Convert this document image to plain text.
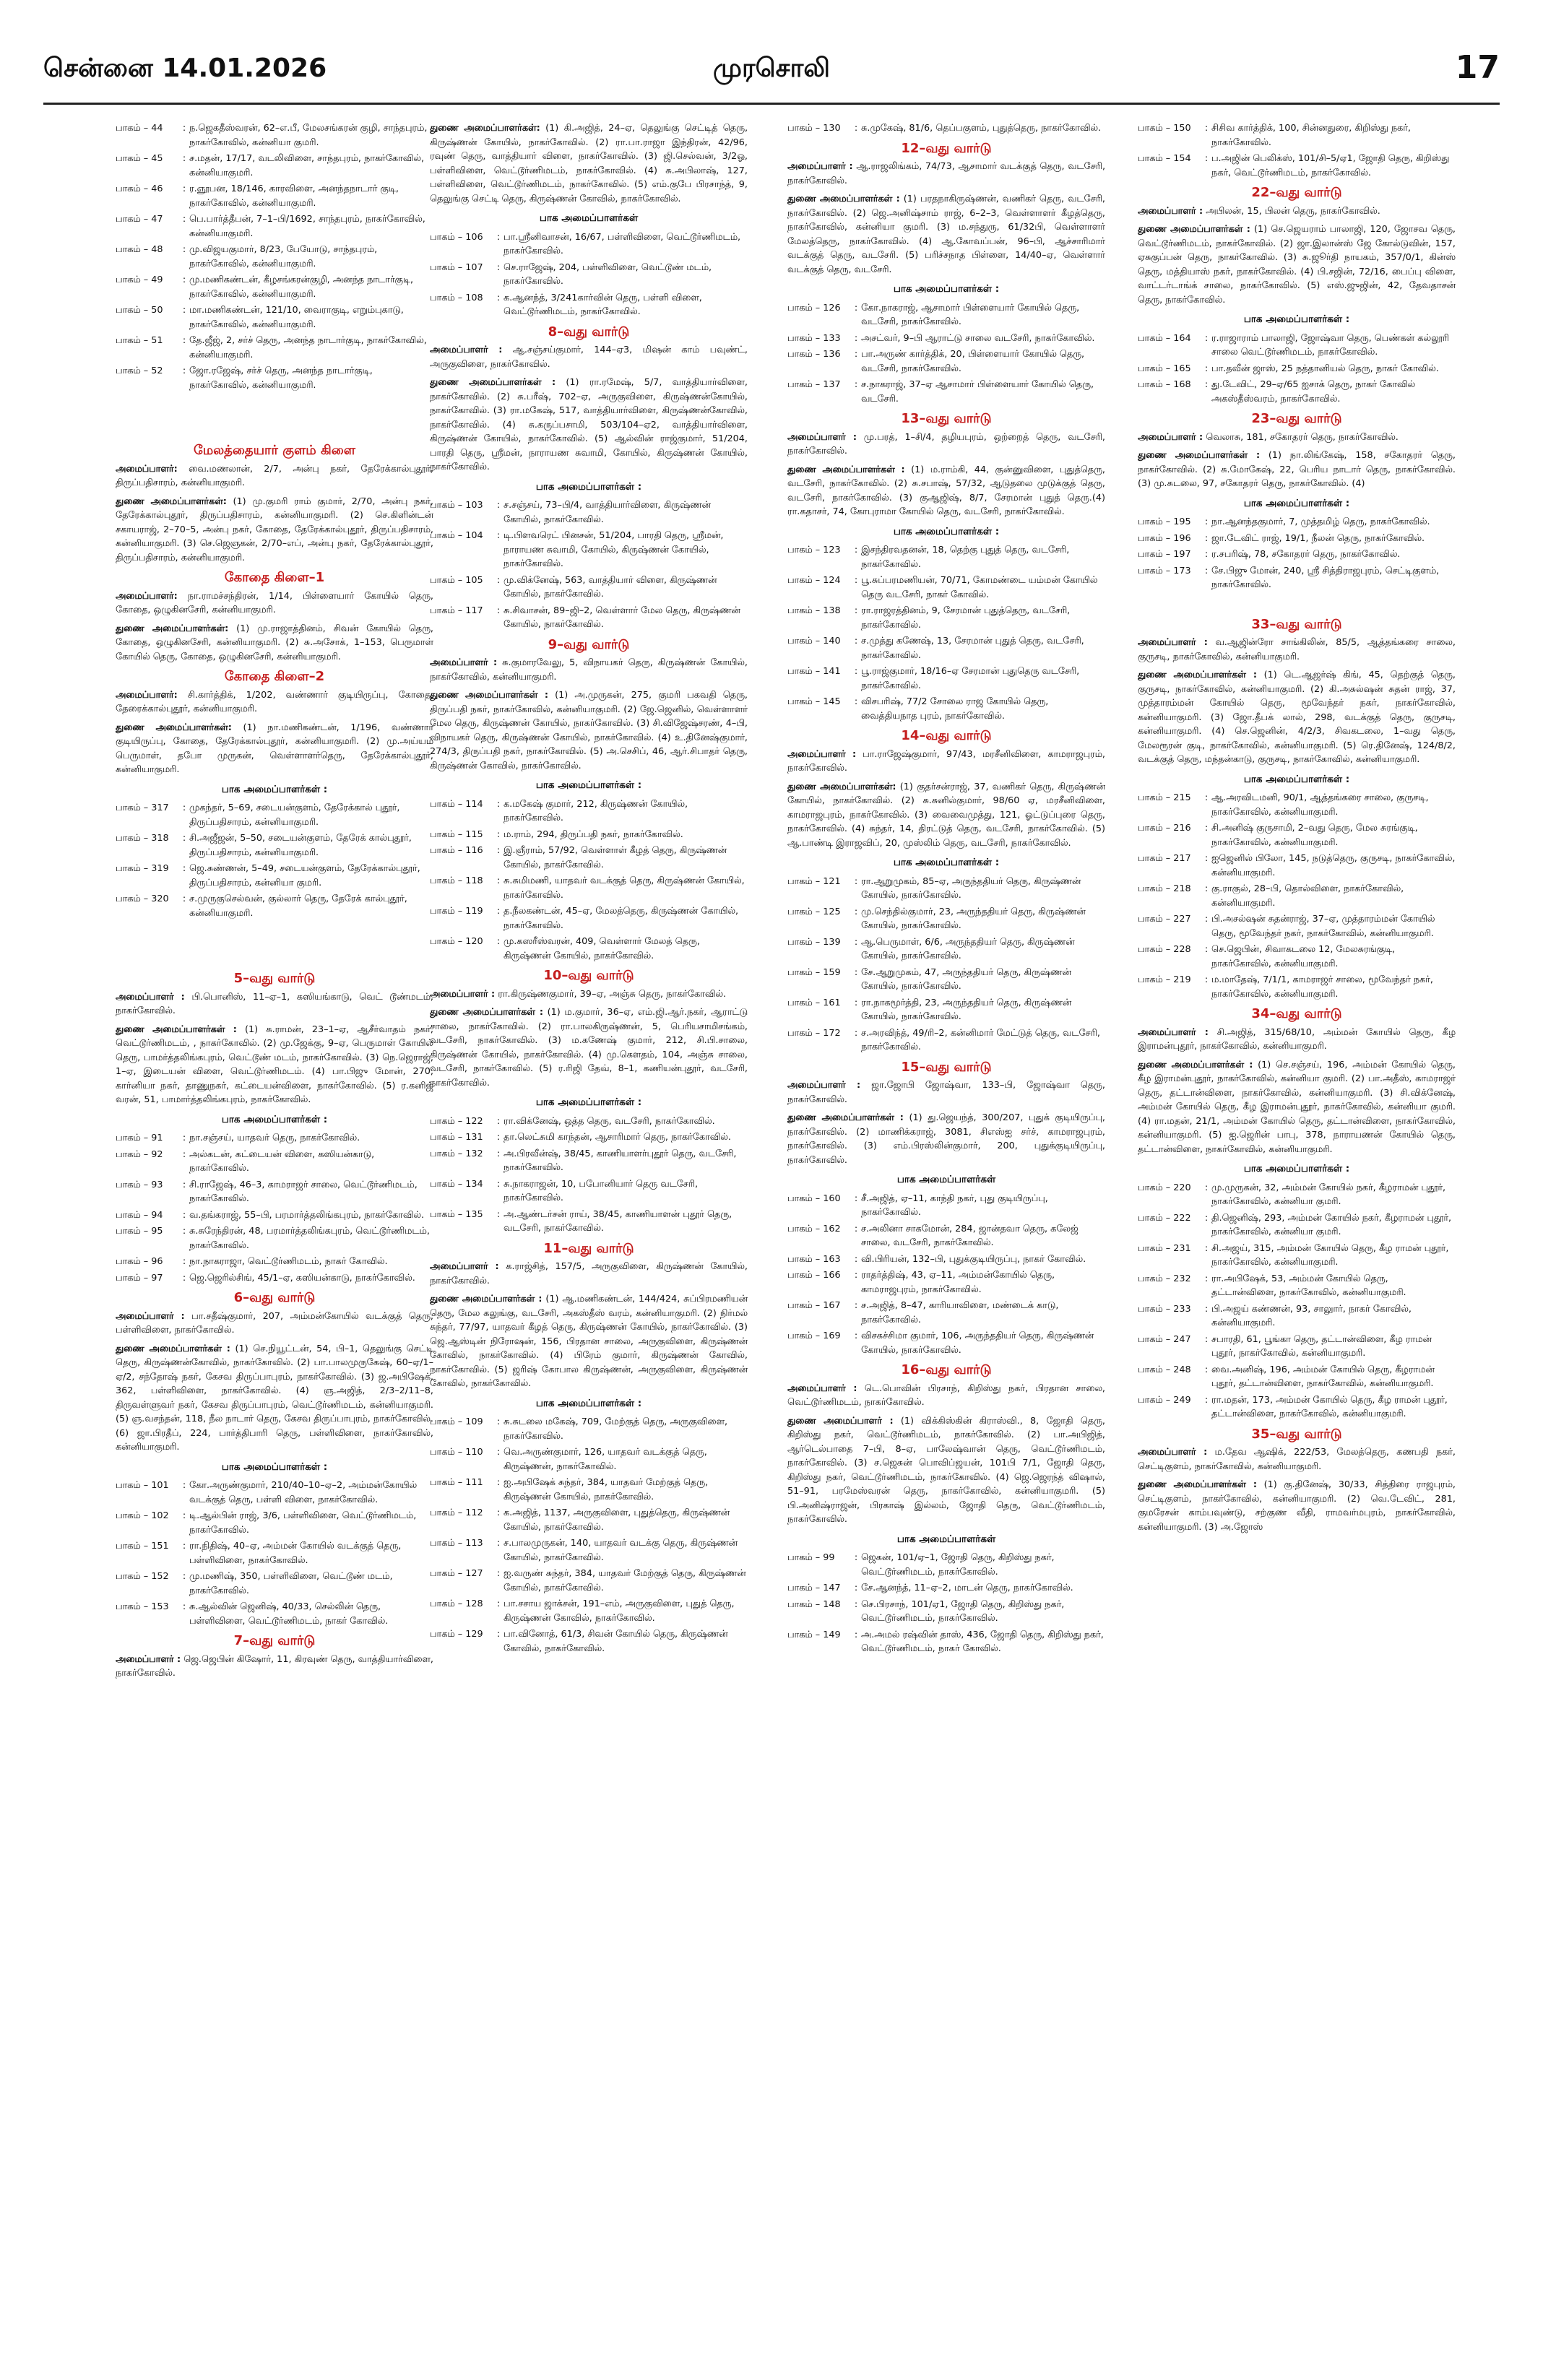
சென்னை 14.01.2026	முரசொலி	17
பாகம் – 44	: ந.ஜெகதீஸ்வரன், 62–எ.பீ, மேலசங்கரன் குழி, சாந்தபுரம், நாகர்கோவில், கன்னியா குமரி.
பாகம் – 45	: ச.மதன், 17/17, வடலிவிளை, சாந்தபுரம், நாகர்கோவில், கன்னியாகுமரி.
பாகம் – 46	: ர.ஞூபன, 18/146, காரவிளை, அனந்தநாடார் குடி, நாகர்கோவில், கன்னியாகுமரி.
பாகம் – 47	: பெ.பார்த்தீபன், 7–1–பி/1692, சாந்தபுரம், நாகர்கோவில், கன்னியாகுமரி.
பாகம் – 48	: மு.விஜயகுமார், 8/23, பேயோடு, சாந்தபுரம், நாகர்கோவில், கன்னியாகுமரி.
பாகம் – 49	: மு.மணிகண்டன், கீழசங்கரன்குழி, அனந்த நாடார்குடி, நாகர்கோவில், கன்னியாகுமரி.
பாகம் – 50	: மா.மணிகண்டன், 121/10, வைராகுடி, எறும்புகாடு, நாகர்கோவில், கன்னியாகுமரி.
பாகம் – 51	: தே.ஜீஜ், 2, சர்ச் தெரு, அனந்த நாடார்குடி, நாகர்கோவில், கன்னியாகுமரி.
பாகம் – 52	: ஜோ.ரஜேஷ், சர்ச் தெரு, அனந்த நாடார்குடி, நாகர்கோவில், கன்னியாகுமரி.
மேலத்தையார் குளம் கிளை
அமைப்பாளர்: வை.மணலான், 2/7, அன்பு நகர், தேரேக்கால்புதூர், திருப்பதிசாரம், கன்னியாகுமரி.
துணை அமைப்பாளர்கள்: (1) மு.குமரி ராம் குமார், 2/70, அன்பு நகர், தேரேக்கால்புதூர், திருப்பதிசாரம், கன்னியாகுமரி. (2) செ.கிளின்டன் சகாயராஜ், 2–70–5, அன்பு நகர், கோதை, தேரேக்கால்புதூர், திருப்பதிசாரம், கன்னியாகுமரி. (3) செ.ஜெஞகன், 2/70–எப், அன்பு நகர், தேரேக்கால்புதூர், திருப்பதிசாரம், கன்னியாகுமரி.
கோதை கிளை–1
அமைப்பாளர்: நா.ராமச்சந்திரன், 1/14, பிள்ளையார் கோயில் தெரு, கோதை, ஒழுகினசேரி, கன்னியாகுமரி.
துணை அமைப்பாளர்கள்: (1) மு.ராஜாத்தினம், சிவன் கோயில் தெரு, கோதை, ஒழுகினசேரி, கன்னியாகுமரி. (2) சு.அசோக், 1–153, பெருமாள் கோயில் தெரு, கோதை, ஒழுகினசேரி, கன்னியாகுமரி.
கோதை கிளை–2
அமைப்பாளர்: சி.கார்த்திக், 1/202, வண்ணார் குடியிருப்பு, கோதை, தேரைக்கால்புதூர், கன்னியாகுமரி.
துணை அமைப்பாளர்கள்: (1) நா.மணிகண்டன், 1/196, வண்ணார் குடியிருப்பு, கோதை, தேரேக்கால்புதூர், கன்னியாகுமரி. (2) மு.அய்யம் பெருமாள், தபோ முருகன், வெள்ளாளர்தெரு, தேரேக்கால்புதூர், கன்னியாகுமரி.
பாக அமைப்பாளர்கள் :
பாகம் – 317	: முகந்தர், 5–69, சடையன்குளம், தேரேக்கால் புதூர், திருப்பதிசாரம், கன்னியாகுமரி.
பாகம் – 318	: சி.அஜீஜன், 5–50, சடையன்குளம், தேரேக் கால்புதூர், திருப்பதிசாரம், கன்னியாகுமரி.
பாகம் – 319	: ஜெ.சுண்ணன், 5–49, சடையன்குளம், தேரேக்கால்புதூர், திருப்பதிசாரம், கன்னியா குமரி.
பாகம் – 320	: ச.முருகுசெல்வன், குல்லார் தெரு, தேரேக் கால்புதூர், கன்னியாகுமரி.
5–வது வார்டு
அமைப்பாளர் : பி.பொனிஸ், 11–ஏ–1, கஸியங்காடு, வெட் டூண்மடம், நாகர்கோவில்.
துணை அமைப்பாளர்கள் : (1) சு.ராமன், 23–1–ஏ, ஆசீர்வாதம் நகர், வெட்டூர்ணிமடம், , நாகர்கோவில். (2) மு.ஜேக்கு, 9–ஏ, பெருமாள் கோயில் தெரு, பாமர்த்தலிங்கபுரம், வெட்டூண் மடம், நாகர்கோவில். (3) நெ.ஜெராஜ், 1–ஏ, இடையன் விளை, வெட்டூர்ணிமடம். (4) பா.பிஜு மோன், 270, கார்னியா நகர், தாணுநகர், கட்டையன்விளை, நாகர்கோவில். (5) ர.கனிஜ் வரன், 51, பாமார்த்தலிங்கபுரம், நாகர்கோவில்.
பாக அமைப்பாளர்கள் :
பாகம் – 91	: நா.சஞ்சய், யாதவர் தெரு, நாகர்கோவில்.
பாகம் – 92	: அல்கடன், கட்டையன் விளை, கஸியன்காடு, நாகர்கோவில்.
பாகம் – 93	: சி.ராஜேஷ், 46–3, காமராஜர் சாலை, வெட்டூர்ணிமடம், நாகர்கோவில்.
பாகம் – 94	: வ.தங்கராஜ், 55–பி, பரமார்த்தலிங்கபுரம், நாகர்கோவில்.
பாகம் – 95	: சு.சுரேந்திரன், 48, பரமார்த்தலிங்கபுரம், வெட்டூர்ணிமடம், நாகர்கோவில்.
பாகம் – 96	: நா.நாகராஜா, வெட்டூர்ணிமடம், நாகர் கோவில்.
பாகம் – 97	: ஜெ.ஜெரில்சிங், 45/1–ஏ, கஸியன்காடு, நாகர்கோவில்.
6–வது வார்டு
அமைப்பாளர் : பா.சதீஷ்குமார், 207, அம்மன்கோயில் வடக்குத் தெரு, பள்ளிவிளை, நாகர்கோவில்.
துணை அமைப்பாளர்கள் : (1) செ.நியூட்டன், 54, பி–1, தெலுங்கு செட்டி தெரு, கிருஷ்ணன்கோவில், நாகர்கோவில். (2) பா.பாலமுருகேஷ், 60–ஏ/1–ஏ/2, சந்தோஷ் நகர், கேசவ திருப்பாபுரம், நாகர்கோவில். (3) ஜ.அபிஷேக், 362, பள்ளிவிளை, நாகர்கோவில். (4) ஞ.அஜித், 2/3–2/11–8, திருவள்ளுவர் நகர், கேசவ திருப்பாபுரம், வெட்டூர்ணிமடம், கன்னியாகுமரி. (5) ஞ.வசந்தன், 118, நீல நாடார் தெரு, கேசவ திருப்பாபுரம், நாகர்கோவில். (6) ஜா.பிரதீப், 224, பார்த்திபாரி தெரு, பள்ளிவிளை, நாகர்கோவில், கன்னியாகுமரி.
பாக அமைப்பாளர்கள் :
பாகம் – 101	: கோ.அருண்குமார், 210/40–10–ஏ–2, அம்மன்கோயில் வடக்குத் தெரு, பள்ளி விளை, நாகர்கோவில்.
பாகம் – 102	: டி.ஆல்பின் ராஜ், 3/6, பள்ளிவிளை, வெட்டூர்ணிமடம், நாகர்கோவில்.
பாகம் – 151	: ரா.நிதிஷ், 40–ஏ, அம்மன் கோயில் வடக்குத் தெரு, பள்ளிவிளை, நாகர்கோவில்.
பாகம் – 152	: மு.மணிஷ், 350, பள்ளிவிளை, வெட்டூண் மடம், நாகர்கோவில்.
பாகம் – 153	: சு.ஆல்வின் ஜெனிஷ், 40/33, செல்லின் தெரு, பள்ளிவிளை, வெட்டூர்ணிமடம், நாகர் கோவில்.
7–வது வார்டு
அமைப்பாளர் : ஜெ.ஜெபின் கிஷோர், 11, கிரவுண் தெரு, வாத்தியார்விளை, நாகர்கோவில்.
துணை அமைப்பாளர்கள்: (1) கி.அஜித், 24–ஏ, தெலுங்கு செட்டித் தெரு, கிருஷ்ணன் கோயில், நாகர்கோவில். (2) ரா.பா.ராஜா இந்திரன், 42/96, ரவுண் தெரு, வாத்தியார் விளை, நாகர்கோவில். (3) ஜி.செல்வன், 3/2ஓ, பள்ளிவிளை, வெட்டூர்ணிமடம், நாகர்கோவில். (4) சு.அபிலாஷ், 127, பள்ளிவிளை, வெட்டூர்ணிமடம், நாகர்கோவில். (5) எம்.குபே பிரசாந்த், 9, தெலுங்கு செட்டி தெரு, கிருஷ்ணன் கோவில், நாகர்கோவில்.
பாக அமைப்பாளர்கள்
பாகம் – 106	: பா.ஸ்ரீனிவாசன், 16/67, பள்ளிவிளை, வெட்டூர்ணிமடம், நாகர்கோவில்.
பாகம் – 107	: செ.ராஜேஷ், 204, பள்ளிவிளை, வெட்டூண் மடம், நாகர்கோவில்.
பாகம் – 108	: க.ஆனந்த், 3/241கார்வின் தெரு, பள்ளி விளை, வெட்டூர்ணிமடம், நாகர்கோவில்.
8–வது வார்டு
அமைப்பாளர் : ஆ.சஞ்சய்குமார், 144–ஏ3, மிஷன் காம் பவுண்ட், அருகுவிளை, நாகர்கோவில்.
துணை அமைப்பாளர்கள் : (1) ரா.ரமேஷ், 5/7, வாத்தியார்விளை, நாகர்கோவில். (2) சு.பரீஷ், 702–ஏ, அருகுவிளை, கிருஷ்ணன்கோயில், நாகர்கோவில். (3) ரா.மகேஷ், 517, வாத்தியார்விளை, கிருஷ்ணன்கோவில், நாகர்கோவில். (4) சு.கருப்பசாமி, 503/104–ஏ2, வாத்தியார்விளை, கிருஷ்ணன் கோயில், நாகர்கோவில். (5) ஆல்வின் ராஜ்குமார், 51/204, பாரதி தெரு, ஸ்ரீமன், நாராயண சுவாமி, கோயில், கிருஷ்ணன் கோயில், நாகர்கோவில்.
பாக அமைப்பாளர்கள் :
பாகம் – 103	: ச.சஞ்சய், 73–பி/4, வாத்தியார்விளை, கிருஷ்ணன் கோயில், நாகர்கோவில்.
பாகம் – 104	: டி.பிளவரெட் பினசன், 51/204, பாரதி தெரு, ஸ்ரீமன், நாராயண சுவாமி, கோயில், கிருஷ்ணன் கோயில், நாகர்கோவில்.
பாகம் – 105	: மு.விக்னேஷ், 563, வாத்தியார் விளை, கிருஷ்ணன் கோயில், நாகர்கோவில்.
பாகம் – 117	: சு.சிவாசன், 89–ஜி–2, வெள்ளார் மேல தெரு, கிருஷ்ணன் கோயில், நாகர்கோவில்.
9–வது வார்டு
அமைப்பாளர் : சு.குமாரவேலு, 5, விநாயகர் தெரு, கிருஷ்ணன் கோயில், நாகர்கோவில், கன்னியாகுமரி.
துணை அமைப்பாளர்கள் : (1) அ.முருகன், 275, குமரி பகவதி தெரு, திருப்பதி நகர், நாகர்கோவில், கன்னியாகுமரி. (2) ஜே.ஜெனில், வெள்ளாளர் மேல தெரு, கிருஷ்ணன் கோயில், நாகர்கோவில். (3) சி.விஜேஷ்சரண், 4–பி, விநாயகர் தெரு, கிருஷ்ணன் கோயில், நாகர்கோவில். (4) உ.தினேஷ்குமார், 274/3, திருப்பதி நகர், நாகர்கோவில். (5) அ.செசிப், 46, ஆர்.சிபாதர் தெரு, கிருஷ்ணன் கோவில், நாகர்கோவில்.
பாக அமைப்பாளர்கள் :
பாகம் – 114	: க.மகேஷ் குமார், 212, கிருஷ்ணன் கோயில், நாகர்கோவில்.
பாகம் – 115	: ம.ராம், 294, திருப்பதி நகர், நாகர்கோவில்.
பாகம் – 116	: இ.ஞீராம், 57/92, வெள்ளாள் கீழத் தெரு, கிருஷ்ணன் கோயில், நாகர்கோவில்.
பாகம் – 118	: சு.சுமிமணி, யாதவர் வடக்குத் தெரு, கிருஷ்ணன் கோயில், நாகர்கோவில்.
பாகம் – 119	: த.நீலகண்டன், 45–ஏ, மேலத்தெரு, கிருஷ்ணன் கோயில், நாகர்கோவில்.
பாகம் – 120	: மு.கஸரீஸ்வரன், 409, வெள்ளார் மேலத் தெரு, கிருஷ்ணன் கோயில், நாகர்கோவில்.
10–வது வார்டு
அமைப்பாளர் : ரா.கிருஷ்ணகுமார், 39–ஏ, அஞ்சு தெரு, நாகர்கோவில்.
துணை அமைப்பாளர்கள் : (1) ம.குமார், 36–ஏ, எம்.ஜி.ஆர்.நகர், ஆராட்டு சாலை, நாகர்கோவில். (2) ரா.பாலகிருஷ்ணன், 5, பெரியசாமிசங்கம், வடசேரி, நாகர்கோவில். (3) ம.கணேஷ் குமார், 212, சி.பி.சாலை, கிருஷ்ணன் கோயில், நாகர்கோவில். (4) மு.கௌதம், 104, அஞ்சு சாலை, வடசேரி, நாகர்கோவில். (5) ர.ரிஜி தேவ், 8–1, கணியன்புதூர், வடசேரி, நாகர்கோவில்.
பாக அமைப்பாளர்கள் :
பாகம் – 122	: ரா.விக்னேஷ், ஒத்த தெரு, வடசேரி, நாகர்கோவில்.
பாகம் – 131	: தா.லெட்சுமி காந்தன், ஆசாரிமார் தெரு, நாகர்கோவில்.
பாகம் – 132	: அ.பிரவீன்ஷ், 38/45, காணியாளர்புதூர் தெரு, வடசேரி, நாகர்கோவில்.
பாகம் – 134	: சு.நாகராஜன், 10, பபோனியார் தெரு வடசேரி, நாகர்கோவில்.
பாகம் – 135	: அ.ஆண்டர்சன் ராய், 38/45, காணியாளன் புதூர் தெரு, வடசேரி, நாகர்கோவில்.
11–வது வார்டு
அமைப்பாளர் : க.ராஜ்சித், 157/5, அருகுவிளை, கிருஷ்ணன் கோயில், நாகர்கோவில்.
துணை அமைப்பாளர்கள் : (1) ஆ.மணிகண்டன், 144/424, சுப்பிரமணியன் தெரு, மேல கலுங்கு, வடசேரி, அகஸ்தீஸ் வரம், கன்னியாகுமரி. (2) நிர்மல் சுந்தர், 77/97, யாதவர் கீழத் தெரு, கிருஷ்ணன் கோயில், நாகர்கோவில். (3) ஜெ.ஆஸ்டின் நிரோஷன், 156, பிரதான சாலை, அருகுவிளை, கிருஷ்ணன் கோவில், நாகர்கோவில். (4) பிரேம் குமார், கிருஷ்ணன் கோவில், நாகர்கோவில். (5) ஜரிஷ் கோபால கிருஷ்ணன், அருகுவிளை, கிருஷ்ணன் கோவில், நாகர்கோவில்.
பாக அமைப்பாளர்கள் :
பாகம் – 109	: சு.சுடலை மகேஷ், 709, மேற்குத் தெரு, அருகுவிளை, நாகர்கோவில்.
பாகம் – 110	: வெ.அருண்குமார், 126, யாதவர் வடக்குத் தெரு, கிருஷ்ணன், நாகர்கோவில்.
பாகம் – 111	: ஐ.அபிஷேக் சுந்தர், 384, யாதவர் மேற்குத் தெரு, கிருஷ்ணன் கோயில், நாகர்கோவில்.
பாகம் – 112	: க.அஜித், 1137, அருகுவிளை, புதுத்தெரு, கிருஷ்ணன் கோயில், நாகர்கோவில்.
பாகம் – 113	: ச.பாலமுருகன், 140, யாதவர் வடக்கு தெரு, கிருஷ்ணன் கோயில், நாகர்கோவில்.
பாகம் – 127	: ஐ.வருண் சுந்தர், 384, யாதவர் மேற்குத் தெரு, கிருஷ்ணன் கோயில், நாகர்கோவில்.
பாகம் – 128	: பா.சசாய ஜாக்சன், 191–எம், அருகுவிளை, புதுத் தெரு, கிருஷ்ணன் கோவில், நாகர்கோவில்.
பாகம் – 129	: பா.வினோத், 61/3, சிவன் கோயில் தெரு, கிருஷ்ணன் கோவில், நாகர்கோவில்.
பாகம் – 130	: சு.முகேஷ், 81/6, தெப்பகுளம், புதுத்தெரு, நாகர்கோவில்.
12–வது வார்டு
அமைப்பாளர் : ஆ.ராஜலிங்கம், 74/73, ஆசாமார் வடக்குத் தெரு, வடசேரி, நாகர்கோவில்.
துணை அமைப்பாளர்கள் : (1) பரதநாகிருஷ்ணன், வணிகர் தெரு, வடசேரி, நாகர்கோவில். (2) ஜெ.அனிஷ்சாம் ராஜ், 6–2–3, வெள்ளாளர் கீழத்தெரு, நாகர்கோவில், கன்னியா குமரி. (3) ம.சந்துரு, 61/32பி, வெள்ளாளர் மேலத்தெரு, நாகர்கோவில். (4) ஆ.கோவப்பன், 96–பி, ஆச்சாரிமார் வடக்குத் தெரு, வடசேரி. (5) பரிச்சநாத பிள்ளை, 14/40–ஏ, வெள்ளார் வடக்குத் தெரு, வடசேரி.
பாக அமைப்பாளர்கள் :
பாகம் – 126	: கோ.நாகராஜ், ஆசாமார் பிள்ளையார் கோயில் தெரு, வடசேரி, நாகர்கோவில்.
பாகம் – 133	: அசட்வர், 9–பி ஆராட்டு சாலை வடசேரி, நாகர்கோவில்.
பாகம் – 136	: பா.அருண் கார்த்திக், 20, பிள்ளையார் கோயில் தெரு, வடசேரி, நாகர்கோவில்.
பாகம் – 137	: ச.நாகராஜ், 37–ஏ ஆசாமார் பிள்ளையார் கோயில் தெரு, வடசேரி.
13–வது வார்டு
அமைப்பாளர் : மு.பரத், 1–சி/4, தழியபுரம், ஒற்றைத் தெரு, வடசேரி, நாகர்கோவில்.
துணை அமைப்பாளர்கள் : (1) ம.ராம்கி, 44, குன்னுவிளை, புதுத்தெரு, வடசேரி, நாகர்கோவில். (2) சு.சபாஷ், 57/32, ஆடுதலை முடுக்குத் தெரு, வடசேரி, நாகர்கோவில். (3) குஆஜிஷ், 8/7, சேரமான் புதுத் தெரு.(4) ரா.கதாசர், 74, கோபுராமா கோயில் தெரு, வடசேரி, நாகர்கோவில்.
பாக அமைப்பாளர்கள் :
பாகம் – 123	: இசந்திரவதனன், 18, தெற்கு புதுத் தெரு, வடசேரி, நாகர்கோவில்.
பாகம் – 124	: பூ.சுப்பரமணியன், 70/71, கோமண்டை யம்மன் கோயில் தெரு வடசேரி, நாகர் கோவில்.
பாகம் – 138	: ரா.ராஜரத்தினம், 9, சேரமான் புதுத்தெரு, வடசேரி, நாகர்கோவில்.
பாகம் – 140	: ச.முத்து கணேஷ், 13, சேரமான் புதுத் தெரு, வடசேரி, நாகர்கோவில்.
பாகம் – 141	: பூ.ராஜ்குமார், 18/16–ஏ சேரமான் புதுதெரு வடசேரி, நாகர்கோவில்.
பாகம் – 145	: விசபரிஷ், 77/2 சோலை ராஜ கோயில் தெரு, வைத்தியநாத புரம், நாகர்கோவில்.
14–வது வார்டு
அமைப்பாளர் : பா.ராஜேஷ்குமார், 97/43, மரசீனிவிளை, காமராஜபுரம், நாகர்கோவில்.
துணை அமைப்பாளர்கள்: (1) குதர்சன்ராஜ், 37, வணிகர் தெரு, கிருஷ்ணன் கோயில், நாகர்கோவில். (2) சு.சுனில்குமார், 98/60 ஏ, மரசீனிவிளை, காமராஜபுரம், நாகர்கோவில். (3) வைவைமுத்து, 121, ஓட்டுப்புரை தெரு, நாகர்கோவில். (4) சுந்தர், 14, திரட்டுத் தெரு, வடசேரி, நாகர்கோவில். (5) ஆ.பாண்டி இராஜவிப், 20, முஸ்லிம் தெரு, வடசேரி, நாகர்கோவில்.
பாக அமைப்பாளர்கள் :
பாகம் – 121	: ரா.ஆறுமுகம், 85–ஏ, அருந்ததியர் தெரு, கிருஷ்ணன் கோயில், நாகர்கோவில்.
பாகம் – 125	: மு.செந்தில்குமார், 23, அருந்ததியர் தெரு, கிருஷ்ணன் கோயில், நாகர்கோவில்.
பாகம் – 139	: ஆ.பெருமாள், 6/6, அருந்ததியர் தெரு, கிருஷ்ணன் கோயில், நாகர்கோவில்.
பாகம் – 159	: சே.ஆறுமுகம், 47, அருந்ததியர் தெரு, கிருஷ்ணன் கோயில், நாகர்கோவில்.
பாகம் – 161	: ரா.நாகமூர்த்தி, 23, அருந்ததியர் தெரு, கிருஷ்ணன் கோயில், நாகர்கோவில்.
பாகம் – 172	: ச.அரவிந்த், 49/ரி–2, கன்னிமார் மேட்டுத் தெரு, வடசேரி, நாகர்கோவில்.
15–வது வார்டு
அமைப்பாளர் : ஜா.ஜோபி ஜோஷ்வா, 133–பி, ஜோஷ்வா தெரு, நாகர்கோவில்.
துணை அமைப்பாளர்கள் : (1) து.ஜெயந்த், 300/207, புதுக் குடியிருப்பு, நாகர்கோவில். (2) மாணிக்கராஜ், 3081, சிஎஸ்ஐ சர்ச், காமராஜபுரம், நாகர்கோவில். (3) எம்.பிரஸ்லின்குமார், 200, புதுக்குடியிருப்பு, நாகர்கோவில்.
பாக அமைப்பாளர்கள்
பாகம் – 160	: சீ.அஜித், ஏ–11, காந்தி நகர், புது குடியிருப்பு, நாகர்கோவில்.
பாகம் – 162	: ச.அலினா சாகமோன், 284, ஜான்தவா தெரு, கலேஜ் சாலை, வடசேரி, நாகர்கோவில்.
பாகம் – 163	: வி.பிரியன், 132–பி, புதுக்குடியிருப்பு, நாகர் கோவில்.
பாகம் – 166	: ராதர்த்திஷ், 43, ஏ–11, அம்மன்கோயில் தெரு, காமராஜபுரம், நாகர்கோவில்.
பாகம் – 167	: ச.அஜித், 8–47, காரியாவிளை, மண்டைக் காடு, நாகர்கோவில்.
பாகம் – 169	: விசகச்சிமா குமார், 106, அருந்ததியர் தெரு, கிருஷ்ணன் கோயில், நாகர்கோவில்.
16–வது வார்டு
அமைப்பாளர் : டெ.பொவின் பிரசாந், கிறிஸ்து நகர், பிரதான சாலை, வெட்டூர்ணிமடம், நாகர்கோவில்.
துணை அமைப்பாளர் : (1) விக்கிஸ்கின் கிராஸ்வி., 8, ஜோதி தெரு, கிறிஸ்து நகர், வெட்டூர்ணிமடம், நாகர்கோவில். (2) பா.அபிஜித், ஆர்டெல்பாதை 7–பி, 8–ஏ, பாலேஷ்வான் தெரு, வெட்டூர்ணிமடம், நாகர்கோவில். (3) ச.ஜெசுன் பொவிப்ஜயன், 101பி 7/1, ஜோதி தெரு, கிறிஸ்து நகர், வெட்டூர்ணிமடம், நாகர்கோவில். (4) ஜெ.ஜெரந்த் விஷால், 51–91, பரமேஸ்வரன் தெரு, நாகர்கோவில், கன்னியாகுமரி. (5) பி.அனிஷ்ராஜன், பிரகாஷ் இல்லம், ஜோதி தெரு, வெட்டூர்ணிமடம், நாகர்கோவில்.
பாக அமைப்பாளர்கள்
பாகம் – 99	: ஜெகன், 101/ஏ–1, ஜோதி தெரு, கிறிஸ்து நகர், வெட்டூர்ணிமடம், நாகர்கோவில்.
பாகம் – 147	: சே.ஆனந்த், 11–ஏ–2, மாடன் தெரு, நாகர்கோவில்.
பாகம் – 148	: செ.பிரசாந், 101/ஏ1, ஜோதி தெரு, கிறிஸ்து நகர், வெட்டூர்ணிமடம், நாகர்கோவில்.
பாகம் – 149	: அ.அமல் ரஷ்வின் தாஸ், 436, ஜோதி தெரு, கிறிஸ்து நகர், வெட்டூர்ணிமடம், நாகர் கோவில்.
பாகம் – 150	: சிசிவ கார்த்திக், 100, சின்னதுரை, கிறிஸ்து நகர், நாகர்கோவில்.
பாகம் – 154	: ப.அஜின் பெலிக்ஸ், 101/சி–5/ஏ1, ஜோதி தெரு, கிறிஸ்து நகர், வெட்டூர்ணிமடம், நாகர்கோவில்.
22–வது வார்டு
அமைப்பாளர் : அபிலன், 15, பிலன் தெரு, நாகர்கோவில்.
துணை அமைப்பாளர்கள் : (1) செ.ஜெயராம் பாலாஜி, 120, ஜோசவ தெரு, வெட்டூர்ணிமடம், நாகர்கோவில். (2) ஜா.இலான்ஸ் ஜே கோல்டுவின், 157, ஏசுகுப்பன் தெரு, நாகர்கோவில். (3) சு.ஜூர்தி நாயகம், 357/0/1, கின்ஸ் தெரு, மத்தியாஸ் நகர், நாகர்கோவில். (4) பி.சஜின், 72/16, பைப்பு விளை, வாட்டர்டாங்க் சாலை, நாகர்கோவில். (5) எஸ்.ஜுஜின், 42, தேவதாசன் தெரு, நாகர்கோவில்.
பாக அமைப்பாளர்கள் :
பாகம் – 164	: ர.ராஜாராம் பாலாஜி, ஜோஷ்வா தெரு, பெண்கள் கல்லூரி சாலை வெட்டூர்ணிமடம், நாகர்கோவில்.
பாகம் – 165	: பா.தவீன் ஜாஸ், 25 நத்தானியல் தெரு, நாகர் கோவில்.
பாகம் – 168	: து.டேவிட், 29–ஏ/65 ஐசாக் தெரு, நாகர் கோவில் அகஸ்தீஸ்வரம், நாகர்கோவில்.
23–வது வார்டு
அமைப்பாளர் : வெலாசு, 181, சகோதரர் தெரு, நாகர்கோவில்.
துணை அமைப்பாளர்கள் : (1) நா.லிங்கேஷ், 158, சகோதரர் தெரு, நாகர்கோவில். (2) சு.மோகேஷ், 22, பெரிய நாடார் தெரு, நாகர்கோவில். (3) மு.சுடலை, 97, சகோதரர் தெரு, நாகர்கோவில். (4)
பாக அமைப்பாளர்கள் :
பாகம் – 195	: நா.ஆனந்தகுமார், 7, முத்தமிழ் தெரு, நாகர்கோவில்.
பாகம் – 196	: ஜா.டேவிட் ராஜ், 19/1, நீலன் தெரு, நாகர்கோவில்.
பாகம் – 197	: ர.சபரிஷ், 78, சகோதரர் தெரு, நாகர்கோவில்.
பாகம் – 173	: சே.பிஜு மோன், 240, ஸ்ரீ சித்திராஜபுரம், செட்டிகுளம், நாகர்கோவில்.
33–வது வார்டு
அமைப்பாளர் : வ.ஆஜின்ரோ சாங்கிலின், 85/5, ஆத்தங்கரை சாலை, குருசடி, நாகர்கோவில், கன்னியாகுமரி.
துணை அமைப்பாளர்கள் : (1) டெ.ஆஜர்ஷ் கிங், 45, தெற்குத் தெரு, குருசடி, நாகர்கோவில், கன்னியாகுமரி. (2) கி.அசுல்ஷன் சுதன் ராஜ், 37, முத்தாரம்மன் கோயில் தெரு, மூவேந்தர் நகர், நாகர்கோவில், கன்னியாகுமரி. (3) ஜோ.தீபக் லால், 298, வடக்குத் தெரு, குருசடி, கன்னியாகுமரி. (4) செ.ஜெனின், 4/2/3, சிவகடலை, 1–வது தெரு, மேலரூரன் குடி, நாகர்கோவில், கன்னியாகுமரி. (5) ரெ.தினேஷ், 124/8/2, வடக்குத் தெரு, மந்தன்காடு, குருசடி, நாகர்கோவில், கன்னியாகுமரி.
பாக அமைப்பாளர்கள் :
பாகம் – 215	: ஆ.அரவிடமனி, 90/1, ஆத்தங்கரை சாலை, குருசடி, நாகர்கோவில், கன்னியாகுமரி.
பாகம் – 216	: சி.அனிஷ் குருசாமி, 2–வது தெரு, மேல சுரங்குடி, நாகர்கோவில், கன்னியாகுமரி.
பாகம் – 217	: ஐஜெனில் பிலோ, 145, நடுத்தெரு, குருசடி, நாகர்கோவில், கன்னியாகுமரி.
பாகம் – 218	: கு.ராகுல், 28–பி, தொல்விளை, நாகர்கோவில், கன்னியாகுமரி.
பாகம் – 227	: பி.அசல்ஷன் சுதன்ராஜ், 37–ஏ, முத்தாரம்மன் கோயில் தெரு, மூவேந்தர் நகர், நாகர்கோவில், கன்னியாகுமரி.
பாகம் – 228	: செ.ஜெபின், சிவாகடலை 12, மேலசுரங்குடி, நாகர்கோவில், கன்னியாகுமரி.
பாகம் – 219	: ம.மாதேஷ், 7/1/1, காமராஜர் சாலை, மூவேந்தர் நகர், நாகர்கோவில், கன்னியாகுமரி.
34–வது வார்டு
அமைப்பாளர் : சி.அஜித், 315/68/10, அம்மன் கோயில் தெரு, கீழ இராமன்புதூர், நாகர்கோவில், கன்னியாகுமரி.
துணை அமைப்பாளர்கள் : (1) செ.சஞ்சய், 196, அம்மன் கோயில் தெரு, கீழ இராமன்புதூர், நாகர்கோவில், கன்னியா குமரி. (2) பா.அதீஸ், காமராஜர் தெரு, தட்டான்விளை, நாகர்கோவில், கன்னியாகுமரி. (3) சி.விக்னேஷ், அம்மன் கோயில் தெரு, கீழ இராமன்புதூர், நாகர்கோவில், கன்னியா குமரி. (4) ரா.மதன், 21/1, அம்மன் கோயில் தெரு, தட்டான்விளை, நாகர்கோவில், கன்னியாகுமரி. (5) ஐ.ஜெரின் பாபு, 378, நாராயணன் கோயில் தெரு, தட்டான்விளை, நாகர்கோவில், கன்னியாகுமரி.
பாக அமைப்பாளர்கள் :
பாகம் – 220	: மு.முருகன், 32, அம்மன் கோயில் நகர், கீழராமன் புதூர், நாகர்கோவில், கன்னியா குமரி.
பாகம் – 222	: தி.ஜெனிஷ், 293, அம்மன் கோயில் நகர், கீழராமன் புதூர், நாகர்கோவில், கன்னியா குமரி.
பாகம் – 231	: சி.அஜய், 315, அம்மன் கோயில் தெரு, கீழ ராமன் புதூர், நாகர்கோவில், கன்னியாகுமரி.
பாகம் – 232	: ரா.அபிஷேக், 53, அம்மன் கோயில் தெரு, தட்டான்விளை, நாகர்கோவில், கன்னியாகுமரி.
பாகம் – 233	: பி.அஜய் கண்ணன், 93, சாலுார், நாகர் கோவில், கன்னியாகுமரி.
பாகம் – 247	: சபாரதி, 61, பூங்கா தெரு, தட்டான்விளை, கீழ ராமன் புதூர், நாகர்கோவில், கன்னியாகுமரி.
பாகம் – 248	: வை.அனிஷ், 196, அம்மன் கோயில் தெரு, கீழராமன் புதூர், தட்டான்விளை, நாகர்கோவில், கன்னியாகுமரி.
பாகம் – 249	: ரா.மதன், 173, அம்மன் கோயில் தெரு, கீழ ராமன் புதூர், தட்டான்விளை, நாகர்கோவில், கன்னியாகுமரி.
35–வது வார்டு
அமைப்பாளர் : ம.தேவ ஆஷிக், 222/53, மேலத்தெரு, கணபதி நகர், செட்டிகுளம், நாகர்கோவில், கன்னியாகுமரி.
துணை அமைப்பாளர்கள் : (1) கு.தினேஷ், 30/33, சித்திரை ராஜபுரம், செட்டிகுளம், நாகர்கோவில், கன்னியாகுமரி. (2) வெ.டேவிட், 281, குமரேசன் காம்பவுண்டு, சற்குண வீதி, ராமவர்மபுரம், நாகர்கோவில், கன்னியாகுமரி. (3) அ.ஜோஸ்
